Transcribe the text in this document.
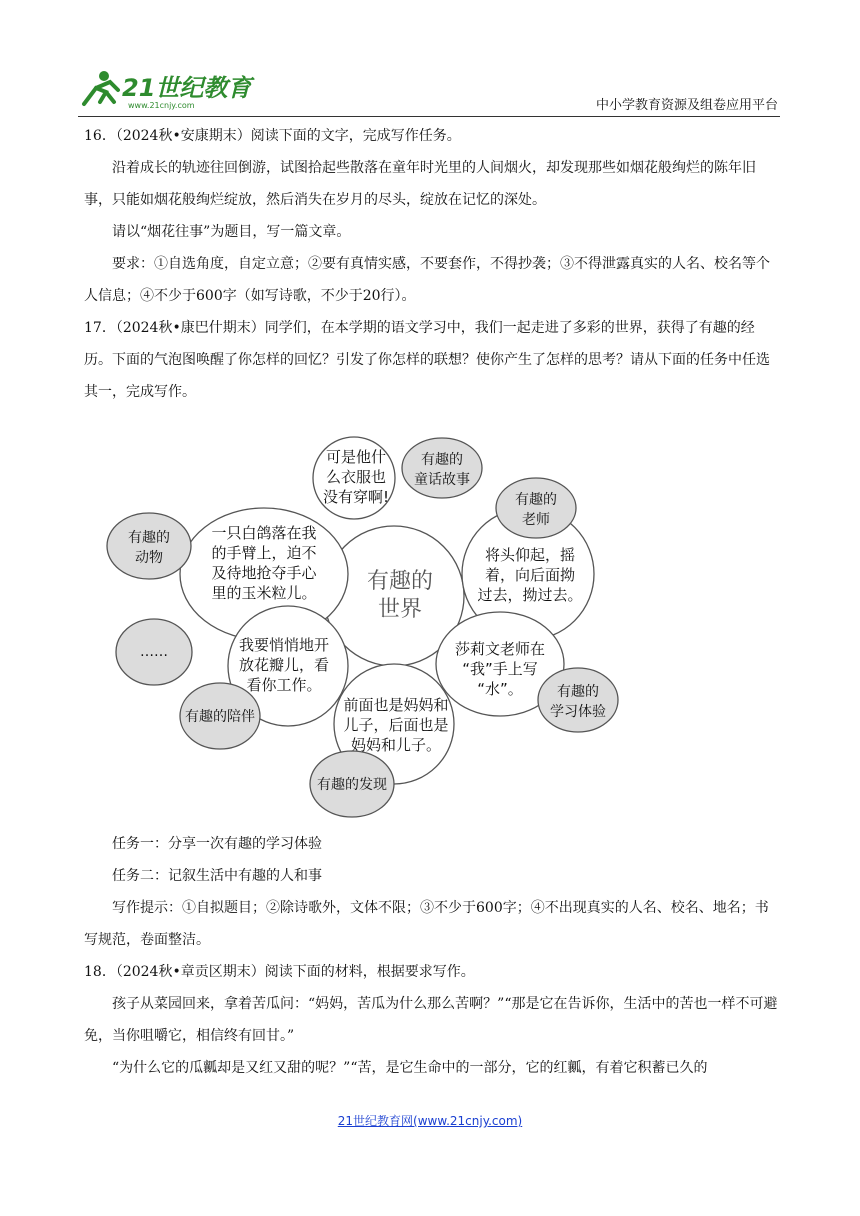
21世纪教育
www.21cnjy.com	中小学教育资源及组卷应用平台

16．（2024秋•安康期末）阅读下面的文字，完成写作任务。

沿着成长的轨迹往回倒游，试图拾起些散落在童年时光里的人间烟火，却发现那些如烟花般绚烂的陈年旧事，只能如烟花般绚烂绽放，然后消失在岁月的尽头，绽放在记忆的深处。

请以“烟花往事”为题目，写一篇文章。

要求：①自选角度，自定立意；②要有真情实感，不要套作，不得抄袭；③不得泄露真实的人名、校名等个人信息；④不少于600字（如写诗歌，不少于20行）。

17．（2024秋•康巴什期末）同学们，在本学期的语文学习中，我们一起走进了多彩的世界，获得了有趣的经历。下面的气泡图唤醒了你怎样的回忆？引发了你怎样的联想？使你产生了怎样的思考？请从下面的任务中任选其一，完成写作。

有趣的
世界
可是他什
么衣服也
没有穿啊!
将头仰起，摇
着，向后面拗
过去，拗过去。
一只白鸽落在我
的手臂上，迫不
及待地抢夺手心
里的玉米粒儿。
我要悄悄地开
放花瓣儿，看
看你工作。
莎莉文老师在
“我”手上写
“水”。
前面也是妈妈和
儿子，后面也是
妈妈和儿子。
有趣的
童话故事
有趣的
老师
有趣的
动物
……
有趣的陪伴
有趣的
学习体验
有趣的发现

任务一：分享一次有趣的学习体验

任务二：记叙生活中有趣的人和事

写作提示：①自拟题目；②除诗歌外，文体不限；③不少于600字；④不出现真实的人名、校名、地名；书写规范，卷面整洁。

18．（2024秋•章贡区期末）阅读下面的材料，根据要求写作。

孩子从菜园回来，拿着苦瓜问：“妈妈，苦瓜为什么那么苦啊？”“那是它在告诉你，生活中的苦也一样不可避免，当你咀嚼它，相信终有回甘。”

“为什么它的瓜瓤却是又红又甜的呢？”“苦，是它生命中的一部分，它的红瓤，有着它积蓄已久的

21世纪教育网(www.21cnjy.com)
